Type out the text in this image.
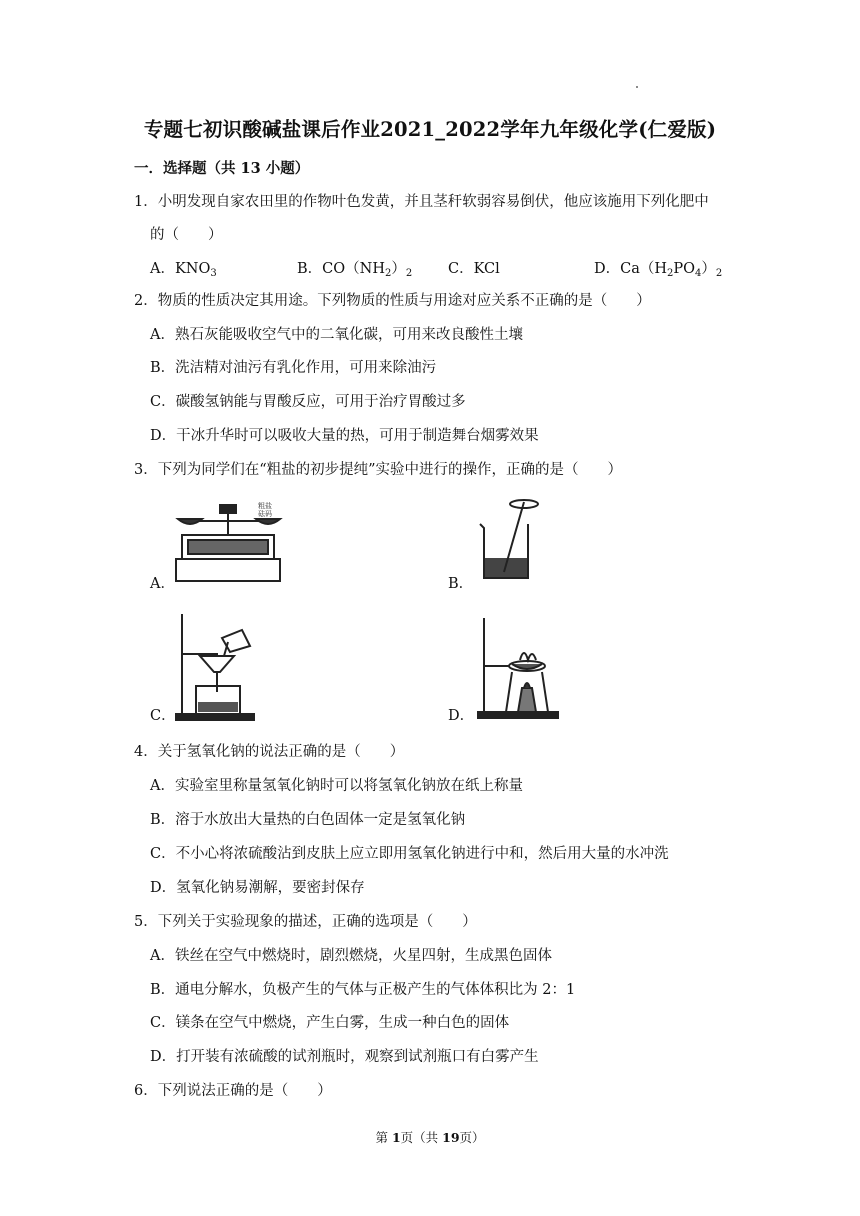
专题七初识酸碱盐课后作业2021_2022学年九年级化学(仁爱版)
一．选择题（共 13 小题）
1．小明发现自家农田里的作物叶色发黄，并且茎秆软弱容易倒伏，他应该施用下列化肥中
的（　　）
A．$KNO_3$	B．$CO(NH_2)_2$ C．KCl	D．$Ca(H_2PO_4)_2$
2．物质的性质决定其用途。下列物质的性质与用途对应关系不正确的是（　　）
A．熟石灰能吸收空气中的二氧化碳，可用来改良酸性土壤
B．洗洁精对油污有乳化作用，可用来除油污
C．碳酸氢钠能与胃酸反应，可用于治疗胃酸过多
D．干冰升华时可以吸收大量的热，可用于制造舞台烟雾效果
3．下列为同学们在“粗盐的初步提纯”实验中进行的操作，正确的是（　　）
A．
粗盐
砝码
B．
C．	D．
4．关于氢氧化钠的说法正确的是（　　）
A．实验室里称量氢氧化钠时可以将氢氧化钠放在纸上称量
B．溶于水放出大量热的白色固体一定是氢氧化钠
C．不小心将浓硫酸沾到皮肤上应立即用氢氧化钠进行中和，然后用大量的水冲洗
D．氢氧化钠易潮解，要密封保存
5．下列关于实验现象的描述，正确的选项是（　　）
A．铁丝在空气中燃烧时，剧烈燃烧，火星四射，生成黑色固体
B．通电分解水，负极产生的气体与正极产生的气体体积比为 2：1
C．镁条在空气中燃烧，产生白雾，生成一种白色的固体
D．打开装有浓硫酸的试剂瓶时，观察到试剂瓶口有白雾产生
6．下列说法正确的是（　　）
第 1页（共 19页）
